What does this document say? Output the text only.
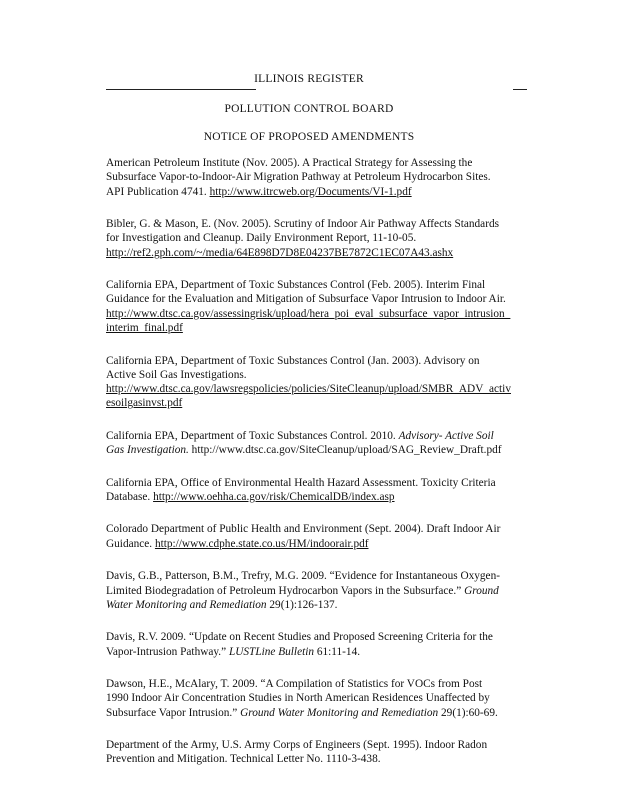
ILLINOIS REGISTER
POLLUTION CONTROL BOARD
NOTICE OF PROPOSED AMENDMENTS
American Petroleum Institute (Nov. 2005). A Practical Strategy for Assessing the
Subsurface Vapor-to-Indoor-Air Migration Pathway at Petroleum Hydrocarbon Sites.
API Publication 4741. http://www.itrcweb.org/Documents/VI-1.pdf
Bibler, G. & Mason, E. (Nov. 2005). Scrutiny of Indoor Air Pathway Affects Standards
for Investigation and Cleanup. Daily Environment Report, 11-10-05.
http://ref2.gph.com/~/media/64E898D7D8E04237BE7872C1EC07A43.ashx
California EPA, Department of Toxic Substances Control (Feb. 2005). Interim Final
Guidance for the Evaluation and Mitigation of Subsurface Vapor Intrusion to Indoor Air.
http://www.dtsc.ca.gov/assessingrisk/upload/hera_poi_eval_subsurface_vapor_intrusion_
interim_final.pdf
California EPA, Department of Toxic Substances Control (Jan. 2003). Advisory on
Active Soil Gas Investigations.
http://www.dtsc.ca.gov/lawsregspolicies/policies/SiteCleanup/upload/SMBR_ADV_activ
esoilgasinvst.pdf
California EPA, Department of Toxic Substances Control. 2010. Advisory- Active Soil
Gas Investigation. http://www.dtsc.ca.gov/SiteCleanup/upload/SAG_Review_Draft.pdf
California EPA, Office of Environmental Health Hazard Assessment. Toxicity Criteria
Database. http://www.oehha.ca.gov/risk/ChemicalDB/index.asp
Colorado Department of Public Health and Environment (Sept. 2004). Draft Indoor Air
Guidance. http://www.cdphe.state.co.us/HM/indoorair.pdf
Davis, G.B., Patterson, B.M., Trefry, M.G. 2009. “Evidence for Instantaneous Oxygen-
Limited Biodegradation of Petroleum Hydrocarbon Vapors in the Subsurface.” Ground
Water Monitoring and Remediation 29(1):126-137.
Davis, R.V. 2009. “Update on Recent Studies and Proposed Screening Criteria for the
Vapor-Intrusion Pathway.” LUSTLine Bulletin 61:11-14.
Dawson, H.E., McAlary, T. 2009. “A Compilation of Statistics for VOCs from Post
1990 Indoor Air Concentration Studies in North American Residences Unaffected by
Subsurface Vapor Intrusion.” Ground Water Monitoring and Remediation 29(1):60-69.
Department of the Army, U.S. Army Corps of Engineers (Sept. 1995). Indoor Radon
Prevention and Mitigation. Technical Letter No. 1110-3-438.
